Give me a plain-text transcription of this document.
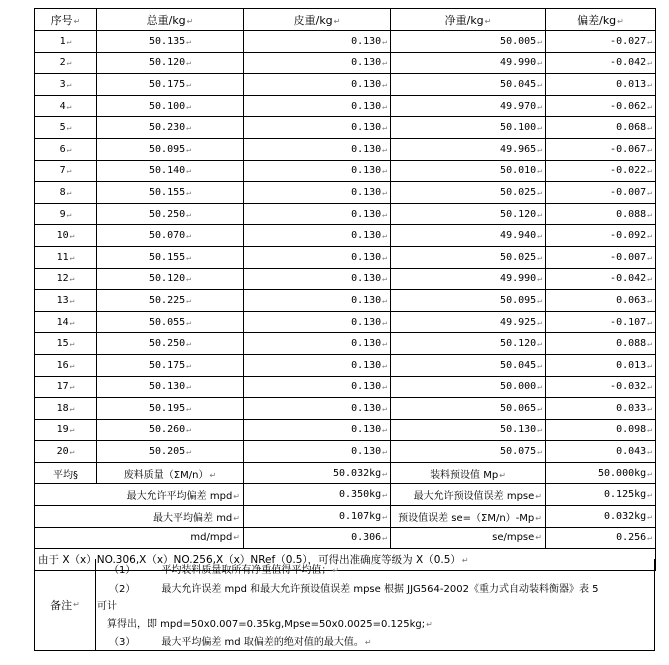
序号↵	总重/kg↵	皮重/kg↵	净重/kg↵	偏差/kg↵
1↵	50.135↵	0.130↵	50.005↵	-0.027↵
2↵	50.120↵	0.130↵	49.990↵	-0.042↵
3↵	50.175↵	0.130↵	50.045↵	0.013↵
4↵	50.100↵	0.130↵	49.970↵	-0.062↵
5↵	50.230↵	0.130↵	50.100↵	0.068↵
6↵	50.095↵	0.130↵	49.965↵	-0.067↵
7↵	50.140↵	0.130↵	50.010↵	-0.022↵
8↵	50.155↵	0.130↵	50.025↵	-0.007↵
9↵	50.250↵	0.130↵	50.120↵	0.088↵
10↵	50.070↵	0.130↵	49.940↵	-0.092↵
11↵	50.155↵	0.130↵	50.025↵	-0.007↵
12↵	50.120↵	0.130↵	49.990↵	-0.042↵
13↵	50.225↵	0.130↵	50.095↵	0.063↵
14↵	50.055↵	0.130↵	49.925↵	-0.107↵
15↵	50.250↵	0.130↵	50.120↵	0.088↵
16↵	50.175↵	0.130↵	50.045↵	0.013↵
17↵	50.130↵	0.130↵	50.000↵	-0.032↵
18↵	50.195↵	0.130↵	50.065↵	0.033↵
19↵	50.260↵	0.130↵	50.130↵	0.098↵
20↵	50.205↵	0.130↵	50.075↵	0.043↵
平均§	废料质量（ΣM/n）↵	50.032kg↵	装料预设值 Mp↵	50.000kg↵
最大允许平均偏差 mpd↵		0.350kg↵	最大允许预设值误差 mpse↵	0.125kg↵
最大平均偏差 md↵		0.107kg↵	预设值误差 se=（ΣM/n）-Mp↵	0.032kg↵
md/mpd↵		0.306↵	se/mpse↵	0.256↵
由于 X（x）NO.306,X（x）NO.256,X（x）NRef（0.5），可得出准确度等级为 X（0.5）↵				
备注 ↵
（1）	平均装料质量取所有净重值得平均值；↵
（2）	最大允许误差 mpd 和最大允许预设值误差 mpse 根据 JJG564-2002《重力式自动装料衡器》表 5
可计
算得出，即 mpd=50x0.007=0.35kg,Mpse=50x0.0025=0.125kg;↵
（3）	最大平均偏差 md 取偏差的绝对值的最大值。↵
